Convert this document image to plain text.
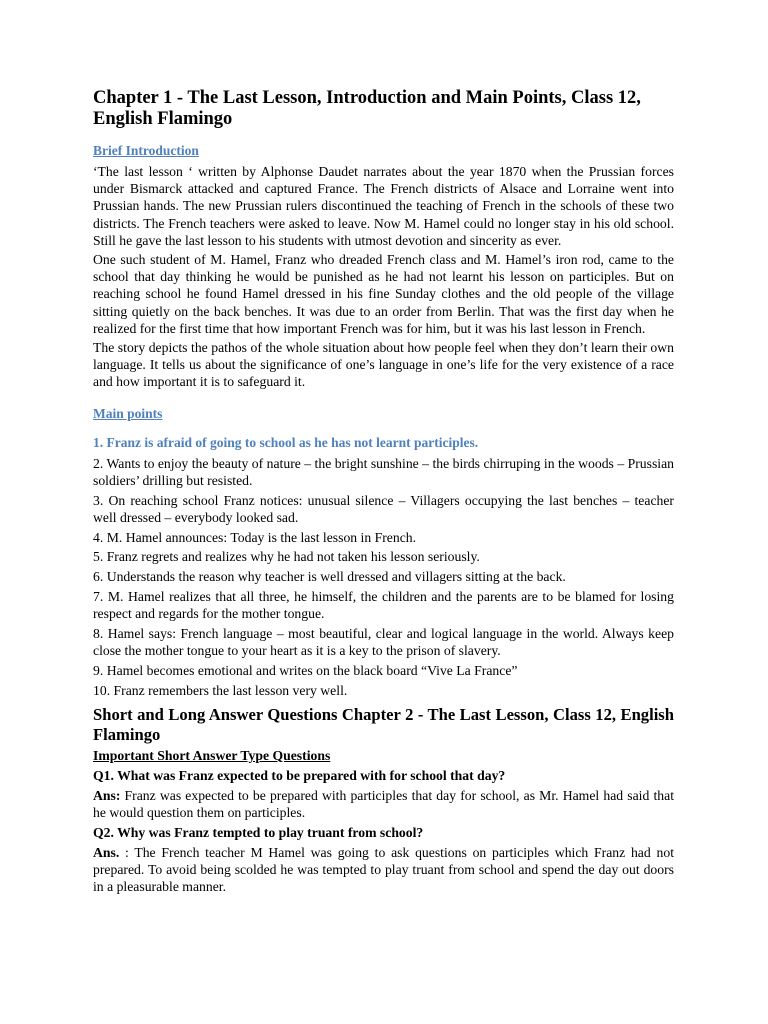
Chapter 1 - The Last Lesson, Introduction and Main Points, Class 12, English Flamingo
Brief Introduction

‘The last lesson ‘ written by Alphonse Daudet narrates about the year 1870 when the Prussian forces under Bismarck attacked and captured France. The French districts of Alsace and Lorraine went into Prussian hands. The new Prussian rulers discontinued the teaching of French in the schools of these two districts. The French teachers were asked to leave. Now M. Hamel could no longer stay in his old school. Still he gave the last lesson to his students with utmost devotion and sincerity as ever.

One such student of M. Hamel, Franz who dreaded French class and M. Hamel’s iron rod, came to the school that day thinking he would be punished as he had not learnt his lesson on participles. But on reaching school he found Hamel dressed in his fine Sunday clothes and the old people of the village sitting quietly on the back benches. It was due to an order from Berlin. That was the first day when he realized for the first time that how important French was for him, but it was his last lesson in French.

The story depicts the pathos of the whole situation about how people feel when they don’t learn their own language. It tells us about the significance of one’s language in one’s life for the very existence of a race and how important it is to safeguard it.

Main points

1. Franz is afraid of going to school as he has not learnt participles.

2. Wants to enjoy the beauty of nature – the bright sunshine – the birds chirruping in the woods – Prussian soldiers’ drilling but resisted.

3. On reaching school Franz notices: unusual silence – Villagers occupying the last benches – teacher well dressed – everybody looked sad.

4. M. Hamel announces: Today is the last lesson in French.

5. Franz regrets and realizes why he had not taken his lesson seriously.

6. Understands the reason why teacher is well dressed and villagers sitting at the back.

7. M. Hamel realizes that all three, he himself, the children and the parents are to be blamed for losing respect and regards for the mother tongue.

8. Hamel says: French language – most beautiful, clear and logical language in the world. Always keep close the mother tongue to your heart as it is a key to the prison of slavery.

9. Hamel becomes emotional and writes on the black board “Vive La France”

10. Franz remembers the last lesson very well.

Short and Long Answer Questions Chapter 2 - The Last Lesson, Class 12, English Flamingo
Important Short Answer Type Questions

Q1. What was Franz expected to be prepared with for school that day?

Ans: Franz was expected to be prepared with participles that day for school, as Mr. Hamel had said that he would question them on participles.

Q2. Why was Franz tempted to play truant from school?

Ans. : The French teacher M Hamel was going to ask questions on participles which Franz had not prepared. To avoid being scolded he was tempted to play truant from school and spend the day out doors in a pleasurable manner.
